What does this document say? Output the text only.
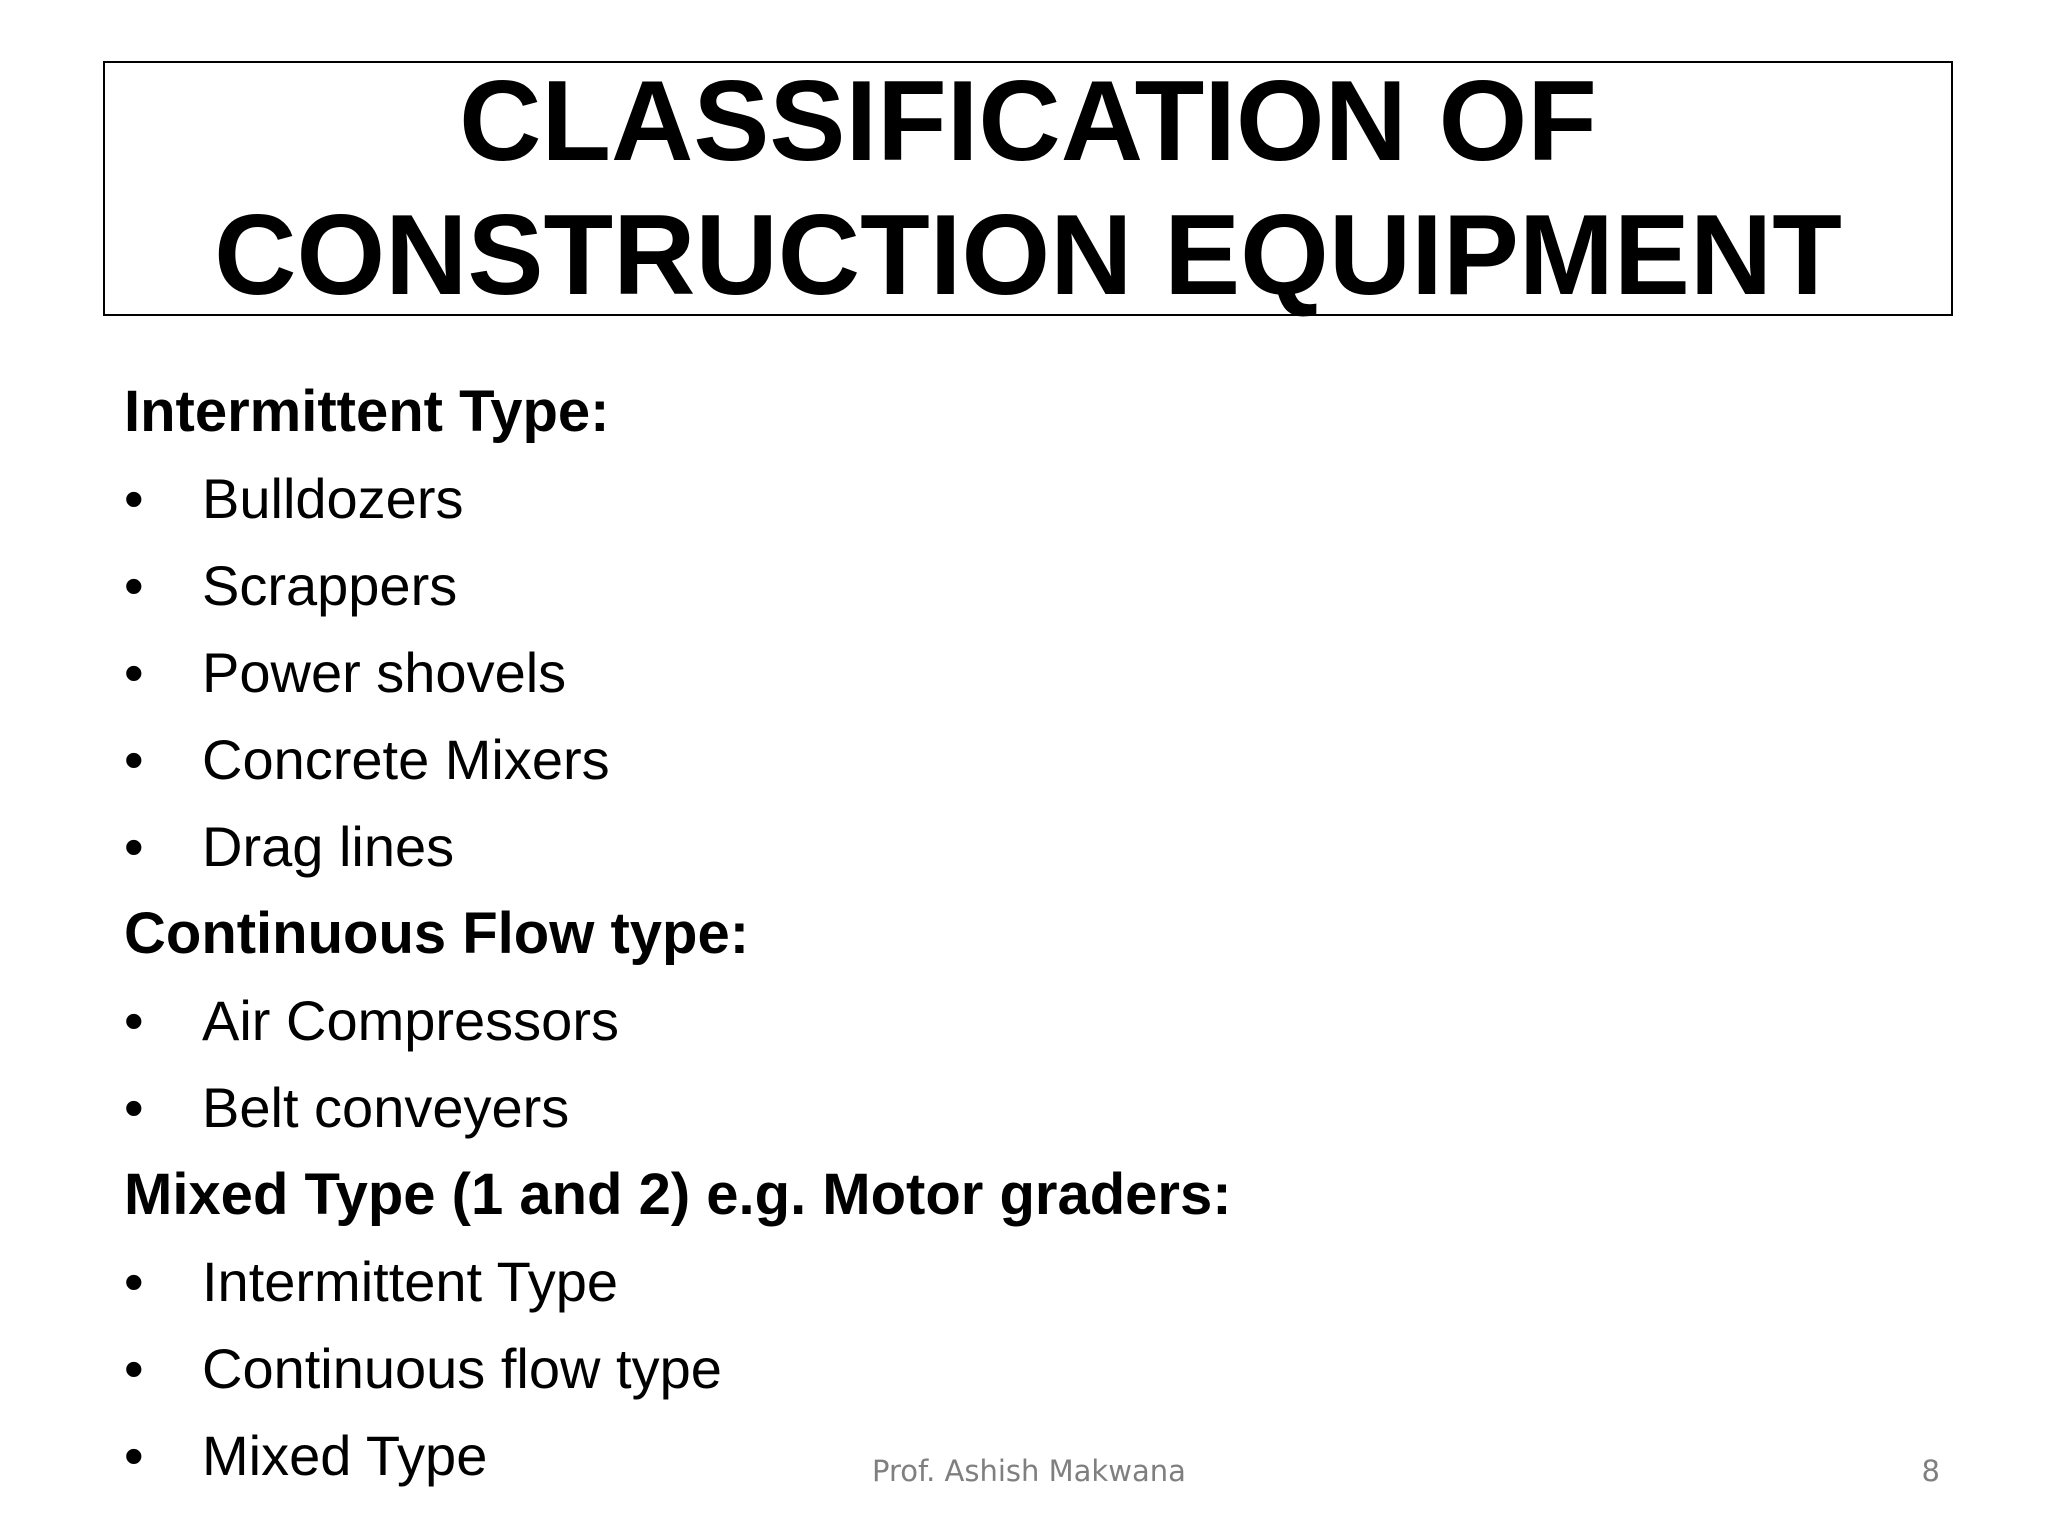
CLASSIFICATION OF
CONSTRUCTION EQUIPMENT
Intermittent Type:
•	Bulldozers
•	Scrappers
•	Power shovels
•	Concrete Mixers
•	Drag lines
Continuous Flow type:
•	Air Compressors
•	Belt conveyers
Mixed Type (1 and 2) e.g. Motor graders:
•	Intermittent Type
•	Continuous flow type
•	Mixed Type	Prof. Ashish Makwana	8
